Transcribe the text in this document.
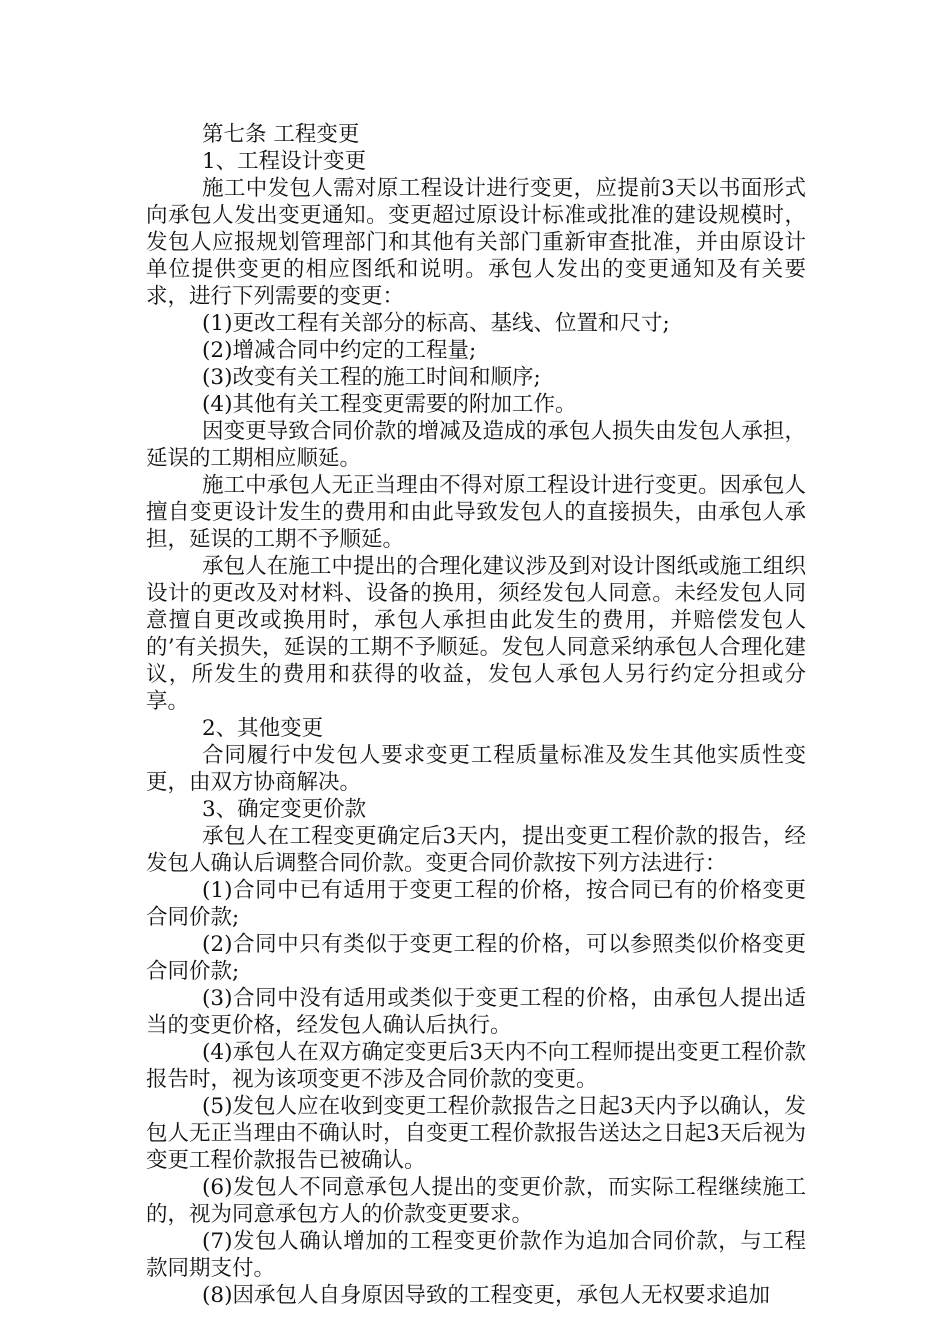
第七条 工程变更

1、工程设计变更

施工中发包人需对原工程设计进行变更，应提前3天以书面形式向承包人发出变更通知。变更超过原设计标准或批准的建设规模时，发包人应报规划管理部门和其他有关部门重新审查批准，并由原设计单位提供变更的相应图纸和说明。承包人发出的变更通知及有关要求，进行下列需要的变更：

(1)更改工程有关部分的标高、基线、位置和尺寸;

(2)增减合同中约定的工程量;

(3)改变有关工程的施工时间和顺序;

(4)其他有关工程变更需要的附加工作。

因变更导致合同价款的增减及造成的承包人损失由发包人承担，延误的工期相应顺延。

施工中承包人无正当理由不得对原工程设计进行变更。因承包人擅自变更设计发生的费用和由此导致发包人的直接损失，由承包人承担，延误的工期不予顺延。

承包人在施工中提出的合理化建议涉及到对设计图纸或施工组织设计的更改及对材料、设备的换用，须经发包人同意。未经发包人同意擅自更改或换用时，承包人承担由此发生的费用，并赔偿发包人的’有关损失，延误的工期不予顺延。发包人同意采纳承包人合理化建议，所发生的费用和获得的收益，发包人承包人另行约定分担或分享。

2、其他变更

合同履行中发包人要求变更工程质量标准及发生其他实质性变更，由双方协商解决。

3、确定变更价款

承包人在工程变更确定后3天内，提出变更工程价款的报告，经发包人确认后调整合同价款。变更合同价款按下列方法进行：

(1)合同中已有适用于变更工程的价格，按合同已有的价格变更合同价款;

(2)合同中只有类似于变更工程的价格，可以参照类似价格变更合同价款;

(3)合同中没有适用或类似于变更工程的价格，由承包人提出适当的变更价格，经发包人确认后执行。

(4)承包人在双方确定变更后3天内不向工程师提出变更工程价款报告时，视为该项变更不涉及合同价款的变更。

(5)发包人应在收到变更工程价款报告之日起3天内予以确认，发包人无正当理由不确认时，自变更工程价款报告送达之日起3天后视为变更工程价款报告已被确认。

(6)发包人不同意承包人提出的变更价款，而实际工程继续施工的，视为同意承包方人的价款变更要求。

(7)发包人确认增加的工程变更价款作为追加合同价款，与工程款同期支付。

(8)因承包人自身原因导致的工程变更，承包人无权要求追加
